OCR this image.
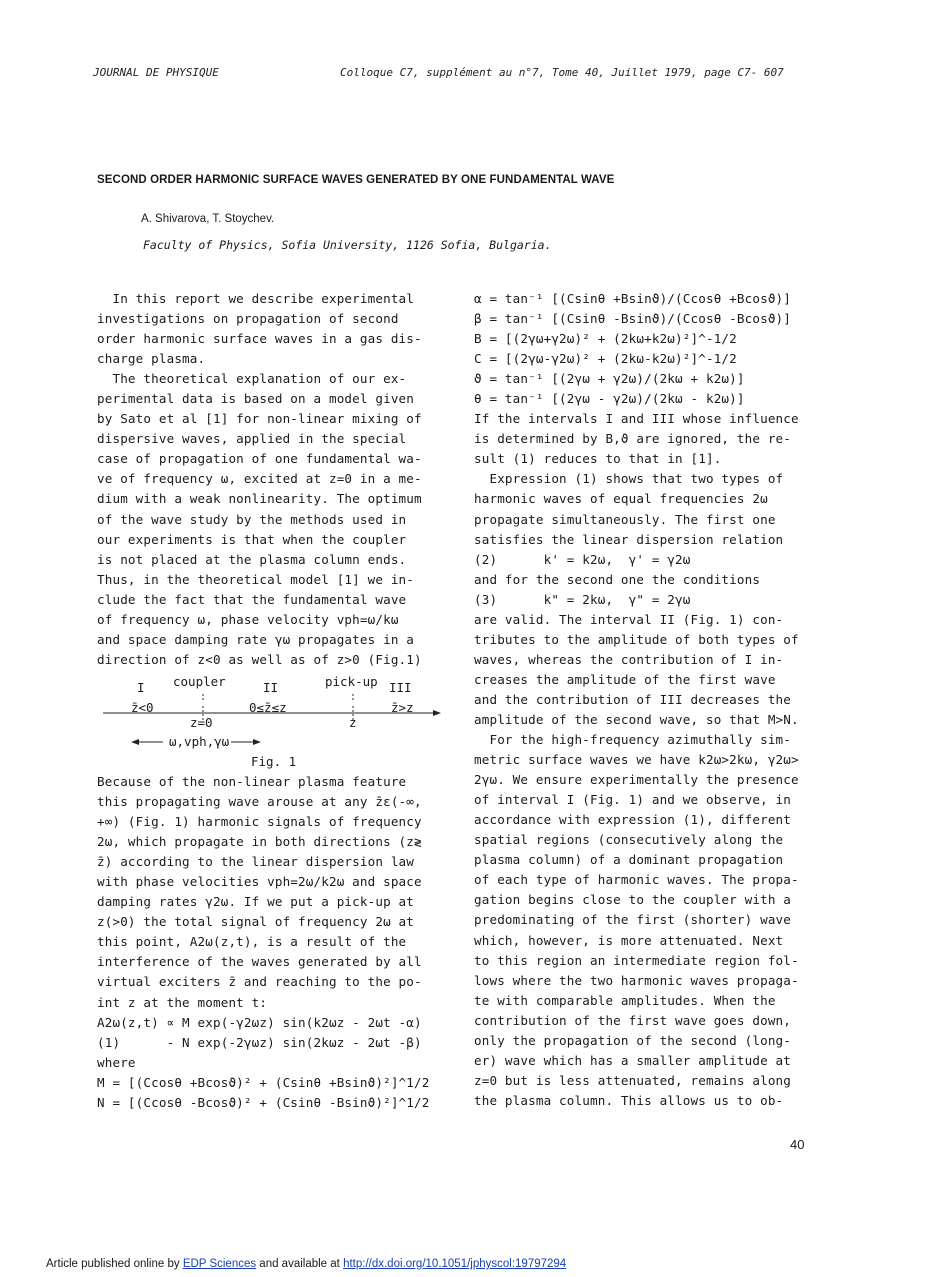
JOURNAL DE PHYSIQUE	Colloque C7, supplément au n°7, Tome 40, Juillet 1979, page C7- 607
SECOND ORDER HARMONIC SURFACE WAVES GENERATED BY ONE FUNDAMENTAL WAVE
A. Shivarova, T. Stoychev.
Faculty of Physics, Sofia University, 1126 Sofia, Bulgaria.

In this report we describe experimental

investigations on propagation of second

order harmonic surface waves in a gas dis-

charge plasma.

The theoretical explanation of our ex-

perimental data is based on a model given

by Sato et al [1] for non-linear mixing of

dispersive waves, applied in the special

case of propagation of one fundamental wa-

ve of frequency ω, excited at z=0 in a me-

dium with a weak nonlinearity. The optimum

of the wave study by the methods used in

our experiments is that when the coupler

is not placed at the plasma column ends.

Thus, in the theoretical model [1] we in-

clude the fact that the fundamental wave

of frequency ω, phase velocity vph=ω/kω

and space damping rate γω propagates in a

direction of z<0 as well as of z>0 (Fig.1)

I coupler	II	pick-up III
z̄<0	0≤z̄≤z	z̄>z
z=0	z
ω,vph,γω
Fig. 1

Because of the non-linear plasma feature

this propagating wave arouse at any z̄ε(-∞,

+∞) (Fig. 1) harmonic signals of frequency

2ω, which propagate in both directions (z≷

z̄) according to the linear dispersion law

with phase velocities vph=2ω/k2ω and space

damping rates γ2ω. If we put a pick-up at

z(>0) the total signal of frequency 2ω at

this point, A2ω(z,t), is a result of the

interference of the waves generated by all

virtual exciters z̄ and reaching to the po-

int z at the moment t:

A2ω(z,t) ∝ M exp(-γ2ωz) sin(k2ωz - 2ωt -α)

(1)      - N exp(-2γωz) sin(2kωz - 2ωt -β)

where

M = [(Ccosθ +Bcosϑ)² + (Csinθ +Bsinϑ)²]^1/2

N = [(Ccosθ -Bcosϑ)² + (Csinθ -Bsinϑ)²]^1/2

α = tan⁻¹ [(Csinθ +Bsinϑ)/(Ccosθ +Bcosϑ)]

β = tan⁻¹ [(Csinθ -Bsinϑ)/(Ccosθ -Bcosϑ)]

B = [(2γω+γ2ω)² + (2kω+k2ω)²]^-1/2

C = [(2γω-γ2ω)² + (2kω-k2ω)²]^-1/2

ϑ = tan⁻¹ [(2γω + γ2ω)/(2kω + k2ω)]

θ = tan⁻¹ [(2γω - γ2ω)/(2kω - k2ω)]

If the intervals I and III whose influence

is determined by B,ϑ are ignored, the re-

sult (1) reduces to that in [1].

Expression (1) shows that two types of

harmonic waves of equal frequencies 2ω

propagate simultaneously. The first one

satisfies the linear dispersion relation

(2)      k' = k2ω,  γ' = γ2ω

and for the second one the conditions

(3)      k" = 2kω,  γ" = 2γω

are valid. The interval II (Fig. 1) con-

tributes to the amplitude of both types of

waves, whereas the contribution of I in-

creases the amplitude of the first wave

and the contribution of III decreases the

amplitude of the second wave, so that M>N.

For the high-frequency azimuthally sim-

metric surface waves we have k2ω>2kω, γ2ω>

2γω. We ensure experimentally the presence

of interval I (Fig. 1) and we observe, in

accordance with expression (1), different

spatial regions (consecutively along the

plasma column) of a dominant propagation

of each type of harmonic waves. The propa-

gation begins close to the coupler with a

predominating of the first (shorter) wave

which, however, is more attenuated. Next

to this region an intermediate region fol-

lows where the two harmonic waves propaga-

te with comparable amplitudes. When the

contribution of the first wave goes down,

only the propagation of the second (long-

er) wave which has a smaller amplitude at

z=0 but is less attenuated, remains along

the plasma column. This allows us to ob-

40
Article published online by EDP Sciences and available at http://dx.doi.org/10.1051/jphyscol:19797294
